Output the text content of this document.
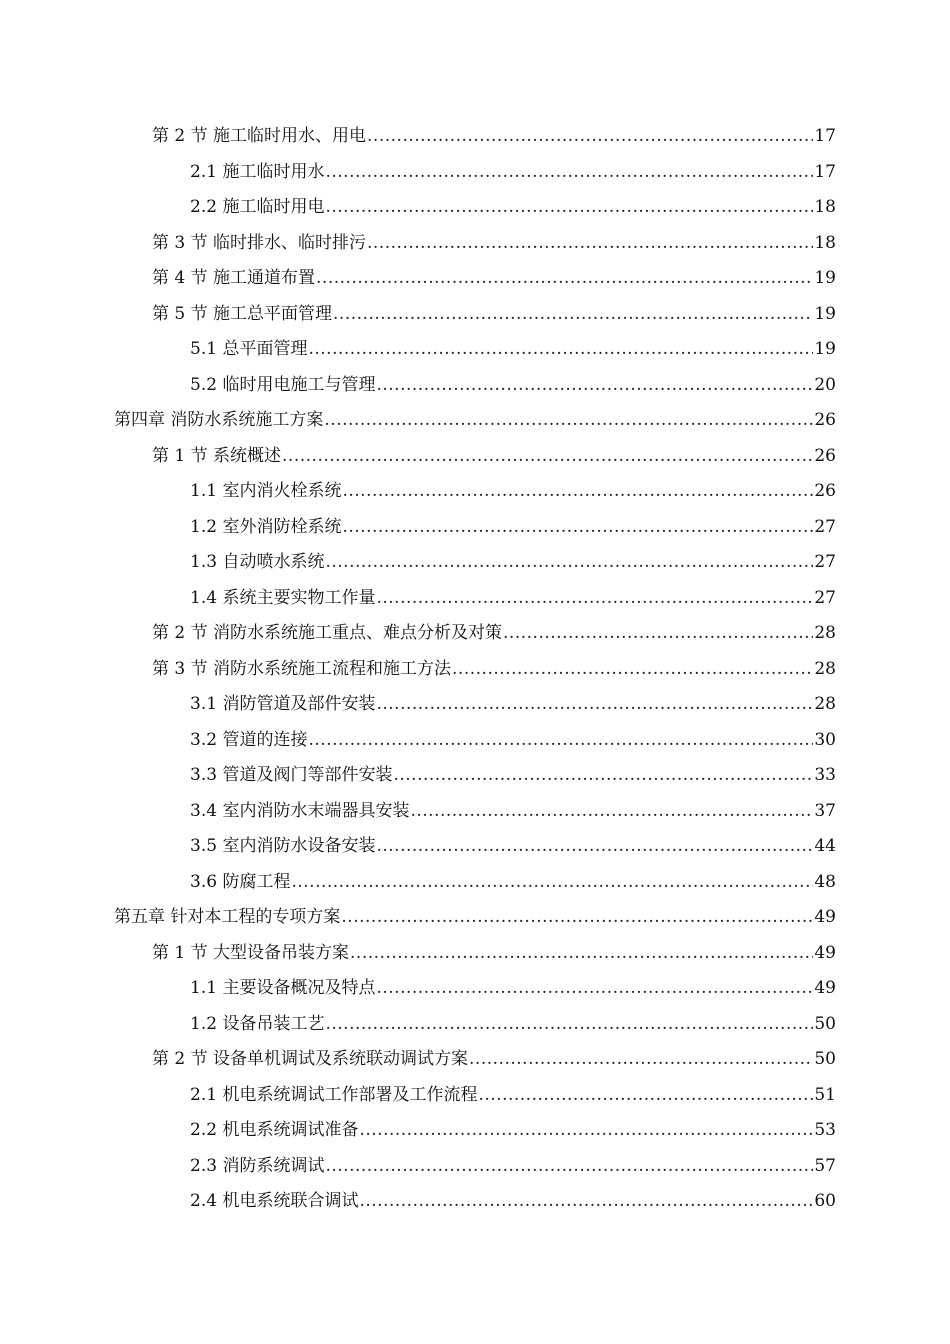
第 2 节 施工临时用水、用电 .....	17
2.1 施工临时用水 .....	17
2.2 施工临时用电 .....	18
第 3 节 临时排水、临时排污 .....	18
第 4 节 施工通道布置 .....	19
第 5 节 施工总平面管理 .....	19
5.1 总平面管理 .....	19
5.2 临时用电施工与管理 .....	20
第四章 消防水系统施工方案 .....	26
第 1 节 系统概述 .....	26
1.1 室内消火栓系统 .....	26
1.2 室外消防栓系统 .....	27
1.3 自动喷水系统 .....	27
1.4 系统主要实物工作量 .....	27
第 2 节 消防水系统施工重点、难点分析及对策 .....	28
第 3 节 消防水系统施工流程和施工方法 .....	28
3.1 消防管道及部件安装 .....	28
3.2 管道的连接 .....	30
3.3 管道及阀门等部件安装 .....	33
3.4 室内消防水末端器具安装 .....	37
3.5 室内消防水设备安装 .....	44
3.6 防腐工程 .....	48
第五章 针对本工程的专项方案 .....	49
第 1 节 大型设备吊装方案 .....	49
1.1 主要设备概况及特点 .....	49
1.2 设备吊装工艺 .....	50
第 2 节 设备单机调试及系统联动调试方案 .....	50
2.1 机电系统调试工作部署及工作流程 .....	51
2.2 机电系统调试准备 .....	53
2.3 消防系统调试 .....	57
2.4 机电系统联合调试 .....	60
